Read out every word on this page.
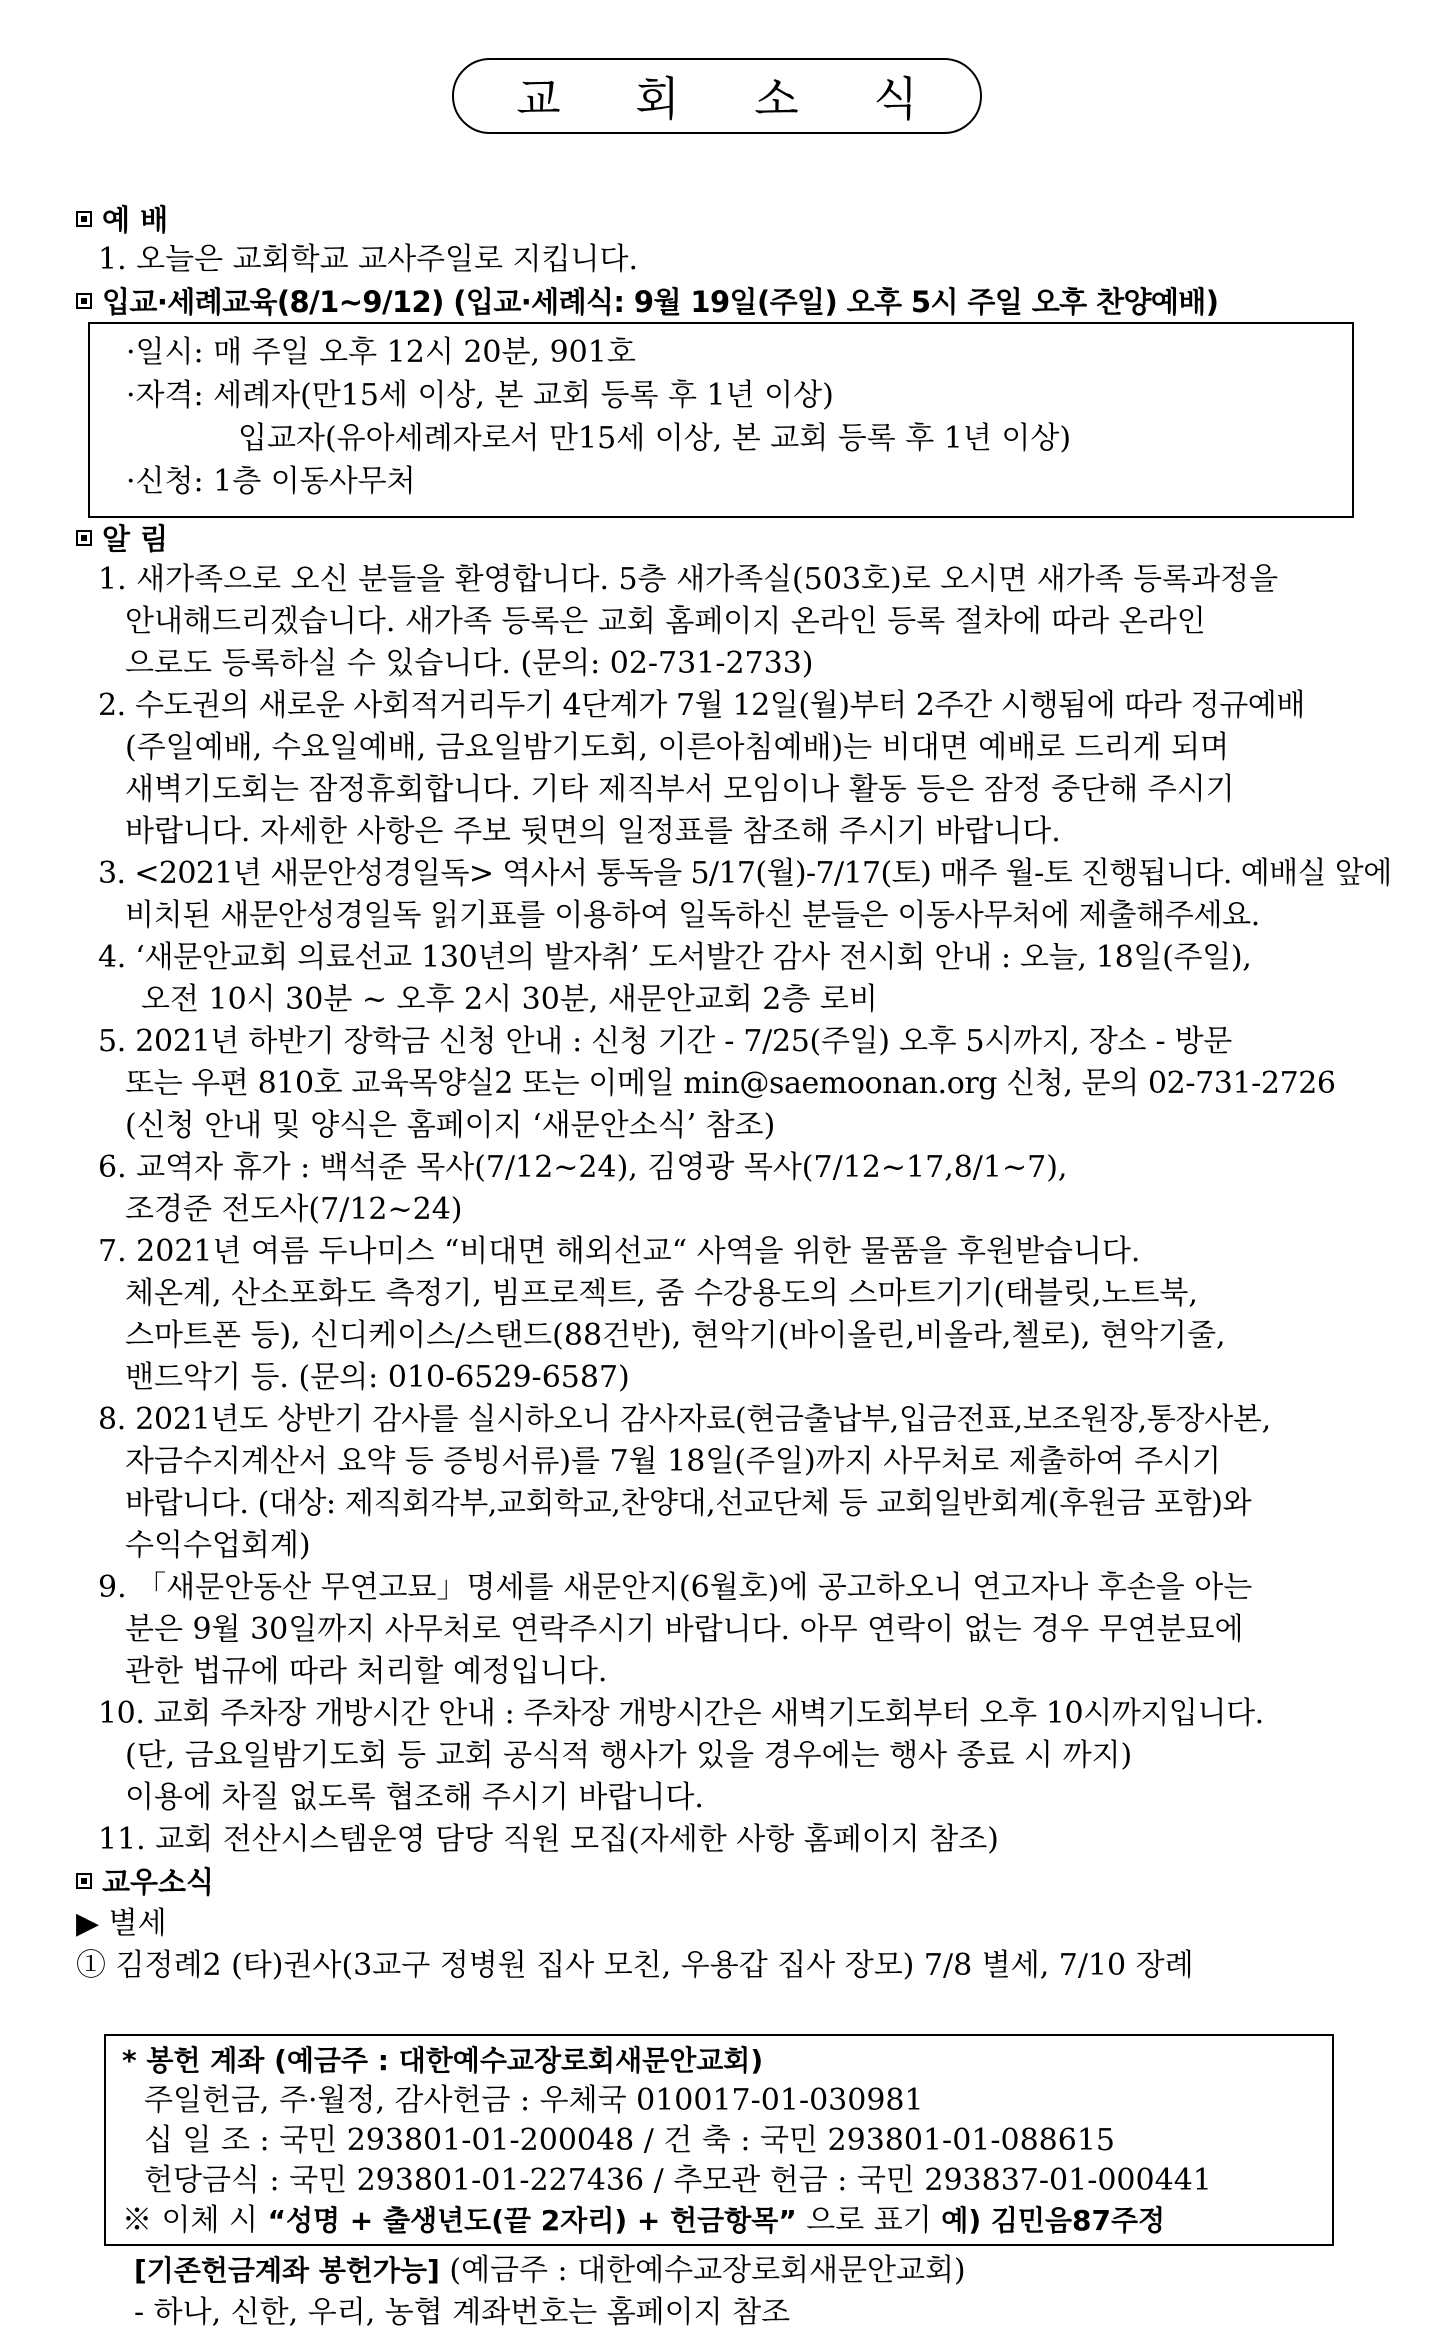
교 회 소 식
예 배
1. 오늘은 교회학교 교사주일로 지킵니다.
입교·세례교육(8/1~9/12) (입교·세례식: 9월 19일(주일) 오후 5시 주일 오후 찬양예배)
·일시: 매 주일 오후 12시 20분, 901호
·자격: 세례자(만15세 이상, 본 교회 등록 후 1년 이상)
입교자(유아세례자로서 만15세 이상, 본 교회 등록 후 1년 이상)
·신청: 1층 이동사무처
알 림
1. 새가족으로 오신 분들을 환영합니다. 5층 새가족실(503호)로 오시면 새가족 등록과정을
안내해드리겠습니다. 새가족 등록은 교회 홈페이지 온라인 등록 절차에 따라 온라인
으로도 등록하실 수 있습니다. (문의: 02-731-2733)
2. 수도권의 새로운 사회적거리두기 4단계가 7월 12일(월)부터 2주간 시행됨에 따라 정규예배
(주일예배, 수요일예배, 금요일밤기도회, 이른아침예배)는 비대면 예배로 드리게 되며
새벽기도회는 잠정휴회합니다. 기타 제직부서 모임이나 활동 등은 잠정 중단해 주시기
바랍니다. 자세한 사항은 주보 뒷면의 일정표를 참조해 주시기 바랍니다.
3. <2021년 새문안성경일독> 역사서 통독을 5/17(월)-7/17(토) 매주 월-토 진행됩니다. 예배실 앞에
비치된 새문안성경일독 읽기표를 이용하여 일독하신 분들은 이동사무처에 제출해주세요.
4. ‘새문안교회 의료선교 130년의 발자취’ 도서발간 감사 전시회 안내 : 오늘, 18일(주일),
오전 10시 30분 ~ 오후 2시 30분, 새문안교회 2층 로비
5. 2021년 하반기 장학금 신청 안내 : 신청 기간 - 7/25(주일) 오후 5시까지, 장소 - 방문
또는 우편 810호 교육목양실2 또는 이메일 min@saemoonan.org 신청, 문의 02-731-2726
(신청 안내 및 양식은 홈페이지 ‘새문안소식’ 참조)
6. 교역자 휴가 : 백석준 목사(7/12~24), 김영광 목사(7/12~17,8/1~7),
조경준 전도사(7/12~24)
7. 2021년 여름 두나미스 “비대면 해외선교“ 사역을 위한 물품을 후원받습니다.
체온계, 산소포화도 측정기, 빔프로젝트, 줌 수강용도의 스마트기기(태블릿,노트북,
스마트폰 등), 신디케이스/스탠드(88건반), 현악기(바이올린,비올라,첼로), 현악기줄,
밴드악기 등. (문의: 010-6529-6587)
8. 2021년도 상반기 감사를 실시하오니 감사자료(현금출납부,입금전표,보조원장,통장사본,
자금수지계산서 요약 등 증빙서류)를 7월 18일(주일)까지 사무처로 제출하여 주시기
바랍니다. (대상: 제직회각부,교회학교,찬양대,선교단체 등 교회일반회계(후원금 포함)와
수익수업회계)
9. 「새문안동산 무연고묘」명세를 새문안지(6월호)에 공고하오니 연고자나 후손을 아는
분은 9월 30일까지 사무처로 연락주시기 바랍니다. 아무 연락이 없는 경우 무연분묘에
관한 법규에 따라 처리할 예정입니다.
10. 교회 주차장 개방시간 안내 : 주차장 개방시간은 새벽기도회부터 오후 10시까지입니다.
(단, 금요일밤기도회 등 교회 공식적 행사가 있을 경우에는 행사 종료 시 까지)
이용에 차질 없도록 협조해 주시기 바랍니다.
11. 교회 전산시스템운영 담당 직원 모집(자세한 사항 홈페이지 참조)
교우소식
▶ 별세
① 김정례2 (타)권사(3교구 정병원 집사 모친, 우용갑 집사 장모) 7/8 별세, 7/10 장례
* 봉헌 계좌 (예금주 : 대한예수교장로회새문안교회)
주일헌금, 주·월정, 감사헌금 : 우체국 010017-01-030981
십 일 조 : 국민 293801-01-200048 / 건 축 : 국민 293801-01-088615
헌당금식 : 국민 293801-01-227436 / 추모관 헌금 : 국민 293837-01-000441
※ 이체 시 “성명 + 출생년도(끝 2자리) + 헌금항목” 으로 표기 예) 김민음87주정
[기존헌금계좌 봉헌가능] (예금주 : 대한예수교장로회새문안교회)
- 하나, 신한, 우리, 농협 계좌번호는 홈페이지 참조
